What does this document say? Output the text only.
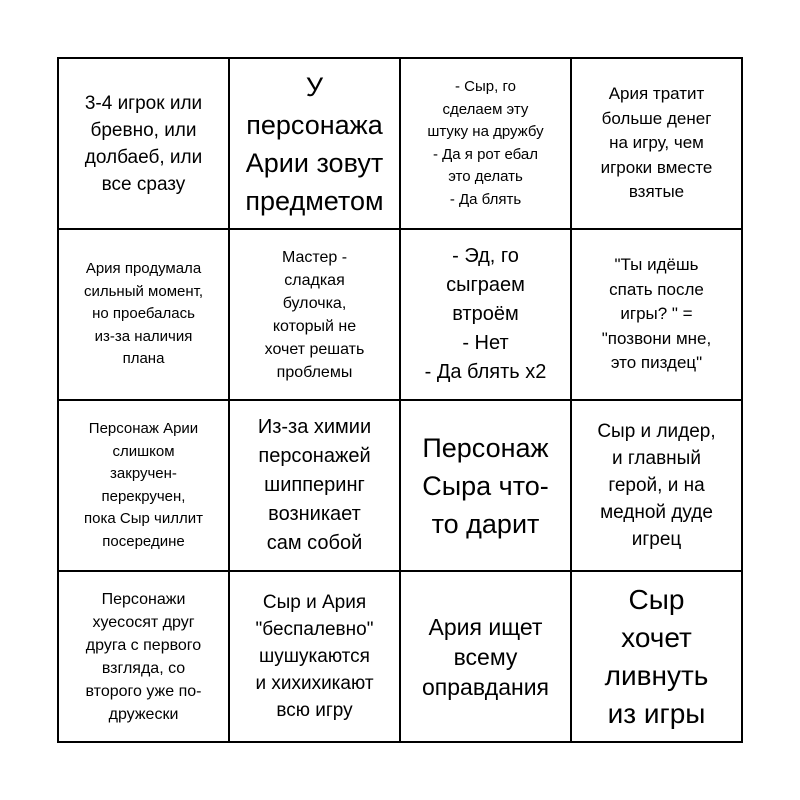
3-4 игрок или
бревно, или
долбаеб, или
все сразу
У
персонажа
Арии зовут
предметом
- Сыр, го
сделаем эту
штуку на дружбу
- Да я рот ебал
это делать
- Да блять
Ария тратит
больше денег
на игру, чем
игроки вместе
взятые
Ария продумала
сильный момент,
но проебалась
из-за наличия
плана
Мастер -
сладкая
булочка,
который не
хочет решать
проблемы
- Эд, го
сыграем
втроём
- Нет
- Да блять х2
"Ты идёшь
спать после
игры? " =
"позвони мне,
это пиздец"
Персонаж Арии
слишком
закручен-
перекручен,
пока Сыр чиллит
посередине
Из-за химии
персонажей
шипперинг
возникает
сам собой
Персонаж
Сыра что-
то дарит
Сыр и лидер,
и главный
герой, и на
медной дуде
игрец
Персонажи
хуесосят друг
друга с первого
взгляда, со
второго уже по-
дружески
Сыр и Ария
"беспалевно"
шушукаются
и хихихикают
всю игру
Ария ищет
всему
оправдания
Сыр
хочет
ливнуть
из игры
